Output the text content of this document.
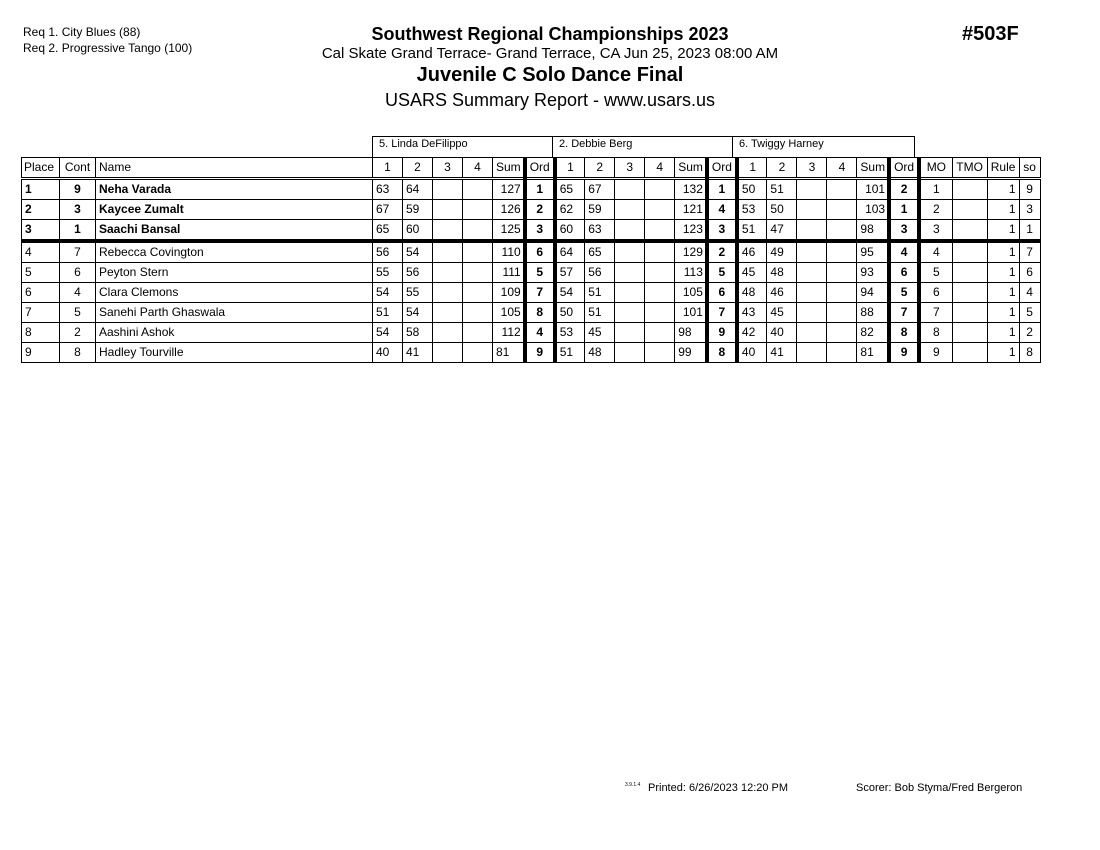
Req 1. City Blues (88)
Req 2. Progressive Tango (100)
Southwest Regional Championships 2023
Cal Skate Grand Terrace- Grand Terrace, CA Jun 25, 2023 08:00 AM
Juvenile C Solo Dance Final
USARS Summary Report - www.usars.us
#503F
5. Linda DeFilippo	2. Debbie Berg	6. Twiggy Harney
Place	Cont	Name	1	2	3	4	Sum	Ord	1	2	3	4	Sum	Ord	1	2	3	4	Sum	Ord	MO	TMO	Rule	so
1	9	Neha Varada	63	64			127	1	65	67			132	1	50	51			101	2	1		1	9
2	3	Kaycee Zumalt	67	59			126	2	62	59			121	4	53	50			103	1	2		1	3
3	1	Saachi Bansal	65	60			125	3	60	63			123	3	51	47			98	3	3		1	1
4	7	Rebecca Covington	56	54			110	6	64	65			129	2	46	49			95	4	4		1	7
5	6	Peyton Stern	55	56			111	5	57	56			113	5	45	48			93	6	5		1	6
6	4	Clara Clemons	54	55			109	7	54	51			105	6	48	46			94	5	6		1	4
7	5	Sanehi Parth Ghaswala	51	54			105	8	50	51			101	7	43	45			88	7	7		1	5
8	2	Aashini Ashok	54	58			112	4	53	45			98	9	42	40			82	8	8		1	2
9	8	Hadley Tourville	40	41			81	9	51	48			99	8	40	41			81	9	9		1	8
3.9.1.4 Printed: 6/26/2023 12:20 PM	Scorer: Bob Styma/Fred Bergeron
